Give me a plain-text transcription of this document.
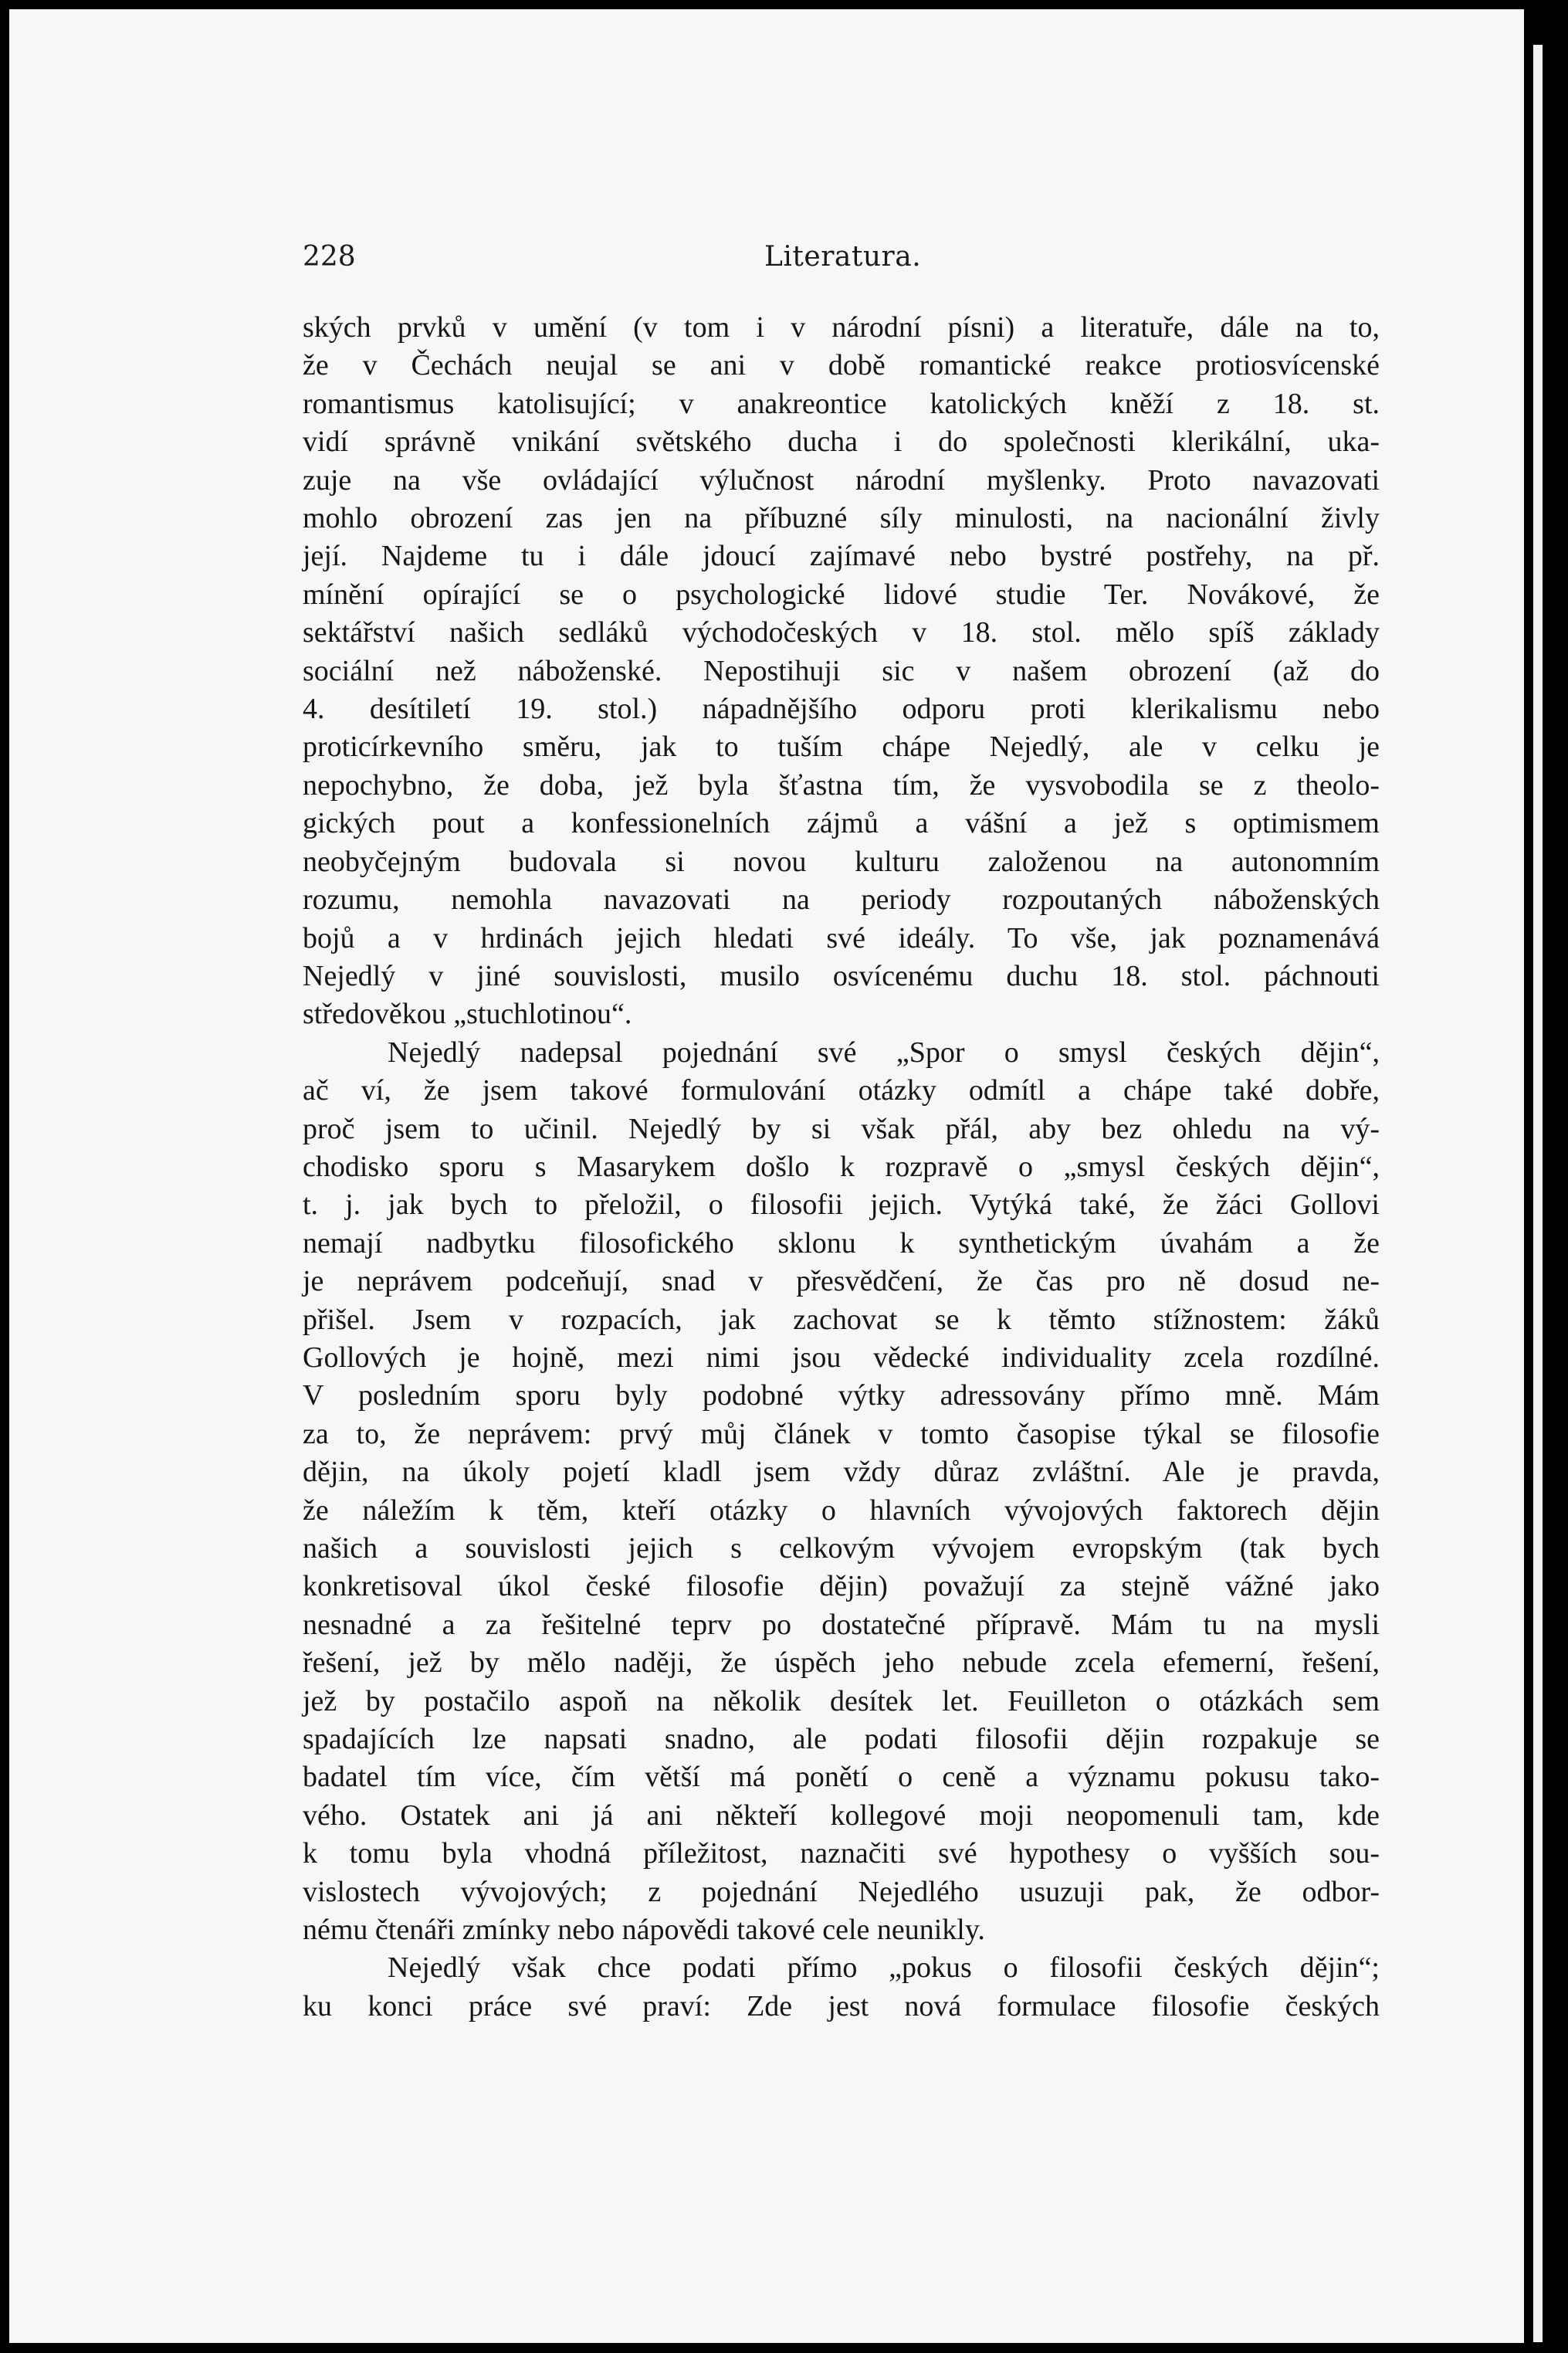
228	Literatura.

ských prvků v umění (v tom i v národní písni) a literatuře, dále na to,
že v Čechách neujal se ani v době romantické reakce protiosvícenské
romantismus katolisující; v anakreontice katolických kněží z 18. st.
vidí správně vnikání světského ducha i do společnosti klerikální, uka-
zuje na vše ovládající výlučnost národní myšlenky. Proto navazovati
mohlo obrození zas jen na příbuzné síly minulosti, na nacionální živly
její. Najdeme tu i dále jdoucí zajímavé nebo bystré postřehy, na př.
mínění opírající se o psychologické lidové studie Ter. Novákové, že
sektářství našich sedláků východočeských v 18. stol. mělo spíš základy
sociální než náboženské. Nepostihuji sic v našem obrození (až do
4. desítiletí 19. stol.) nápadnějšího odporu proti klerikalismu nebo
proticírkevního směru, jak to tuším chápe Nejedlý, ale v celku je
nepochybno, že doba, jež byla šťastna tím, že vysvobodila se z theolo-
gických pout a konfessionelních zájmů a vášní a jež s optimismem
neobyčejným budovala si novou kulturu založenou na autonomním
rozumu, nemohla navazovati na periody rozpoutaných náboženských
bojů a v hrdinách jejich hledati své ideály. To vše, jak poznamenává
Nejedlý v jiné souvislosti, musilo osvícenému duchu 18. stol. páchnouti
středověkou „stuchlotinou“.

Nejedlý nadepsal pojednání své „Spor o smysl českých dějin“,
ač ví, že jsem takové formulování otázky odmítl a chápe také dobře,
proč jsem to učinil. Nejedlý by si však přál, aby bez ohledu na vý-
chodisko sporu s Masarykem došlo k rozpravě o „smysl českých dějin“,
t. j. jak bych to přeložil, o filosofii jejich. Vytýká také, že žáci Gollovi
nemají nadbytku filosofického sklonu k synthetickým úvahám a že
je neprávem podceňují, snad v přesvědčení, že čas pro ně dosud ne-
přišel. Jsem v rozpacích, jak zachovat se k těmto stížnostem: žáků
Gollových je hojně, mezi nimi jsou vědecké individuality zcela rozdílné.
V posledním sporu byly podobné výtky adressovány přímo mně. Mám
za to, že neprávem: prvý můj článek v tomto časopise týkal se filosofie
dějin, na úkoly pojetí kladl jsem vždy důraz zvláštní. Ale je pravda,
že náležím k těm, kteří otázky o hlavních vývojových faktorech dějin
našich a souvislosti jejich s celkovým vývojem evropským (tak bych
konkretisoval úkol české filosofie dějin) považují za stejně vážné jako
nesnadné a za řešitelné teprv po dostatečné přípravě. Mám tu na mysli
řešení, jež by mělo naději, že úspěch jeho nebude zcela efemerní, řešení,
jež by postačilo aspoň na několik desítek let. Feuilleton o otázkách sem
spadajících lze napsati snadno, ale podati filosofii dějin rozpakuje se
badatel tím více, čím větší má ponětí o ceně a významu pokusu tako-
vého. Ostatek ani já ani někteří kollegové moji neopomenuli tam, kde
k tomu byla vhodná příležitost, naznačiti své hypothesy o vyšších sou-
vislostech vývojových; z pojednání Nejedlého usuzuji pak, že odbor-
nému čtenáři zmínky nebo nápovědi takové cele neunikly.

Nejedlý však chce podati přímo „pokus o filosofii českých dějin“;
ku konci práce své praví: Zde jest nová formulace filosofie českých
